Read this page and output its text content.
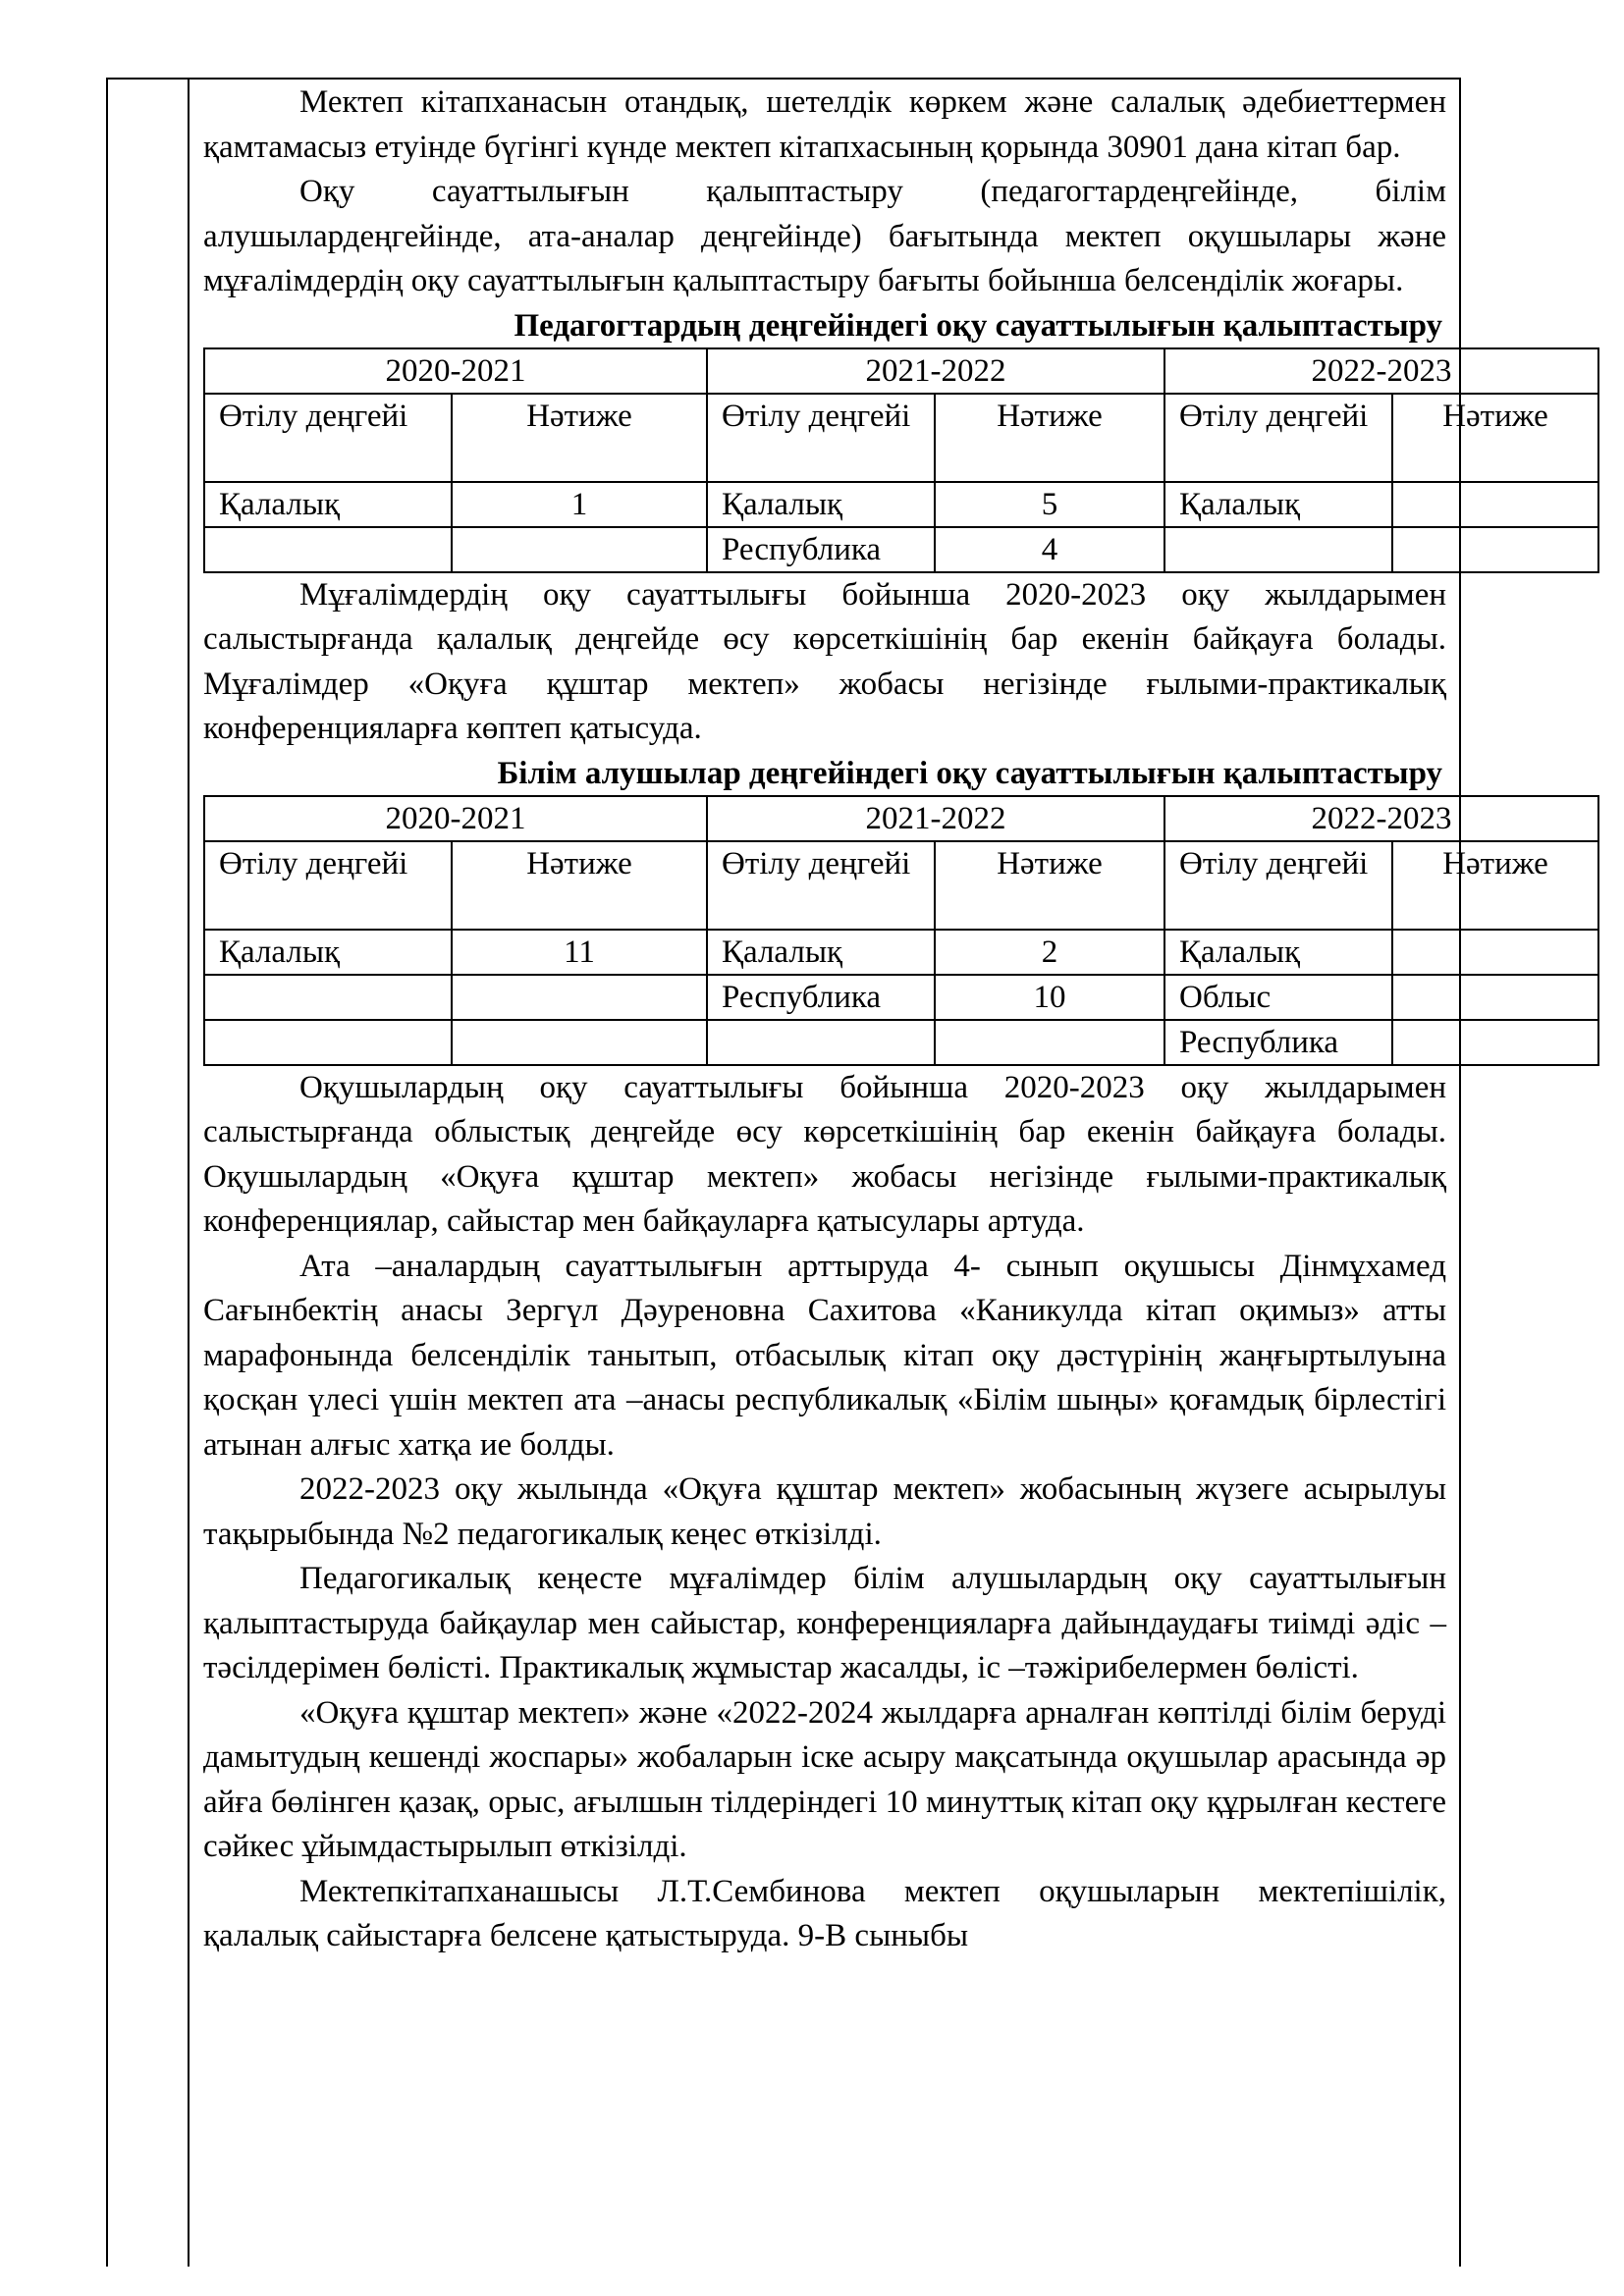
Мектеп кітапханасын отандық, шетелдік көркем және салалық әдебиеттермен қамтамасыз етуінде бүгінгі күнде мектеп кітапхасының қорында 30901 дана кітап бар.

Оқу сауаттылығын қалыптастыру (педагогтардеңгейінде, білім алушылардеңгейінде, ата-аналар деңгейінде) бағытында мектеп оқушылары және мұғалімдердің оқу сауаттылығын қалыптастыру бағыты бойынша белсенділік жоғары.

Педагогтардың деңгейіндегі оқу сауаттылығын қалыптастыру
2020-2021		2021-2022		2022-2023	
Өтілу деңгейі	Нәтиже	Өтілу деңгейі	Нәтиже	Өтілу деңгейі	Нәтиже
Қалалық	1	Қалалық	5	Қалалық	
		Республика	4		

Мұғалімдердің оқу сауаттылығы бойынша 2020-2023 оқу жылдарымен салыстырғанда қалалық деңгейде өсу көрсеткішінің бар екенін байқауға болады. Мұғалімдер «Оқуға құштар мектеп» жобасы негізінде ғылыми-практикалық конференцияларға көптеп қатысуда.

Білім алушылар деңгейіндегі оқу сауаттылығын қалыптастыру
2020-2021		2021-2022		2022-2023	
Өтілу деңгейі	Нәтиже	Өтілу деңгейі	Нәтиже	Өтілу деңгейі	Нәтиже
Қалалық	11	Қалалық	2	Қалалық	
		Республика	10	Облыс	
				Республика	

Оқушылардың оқу сауаттылығы бойынша 2020-2023 оқу жылдарымен салыстырғанда облыстық деңгейде өсу көрсеткішінің бар екенін байқауға болады. Оқушылардың «Оқуға құштар мектеп» жобасы негізінде ғылыми-практикалық конференциялар, сайыстар мен байқауларға қатысулары артуда.

Ата –аналардың сауаттылығын арттыруда 4- сынып оқушысы Дінмұхамед Сағынбектің анасы Зергүл Дәуреновна Сахитова «Каникулда кітап оқимыз» атты марафонында белсенділік танытып, отбасылық кітап оқу дәстүрінің жаңғыртылуына қосқан үлесі үшін мектеп ата –анасы республикалық «Білім шыңы» қоғамдық бірлестігі атынан алғыс хатқа ие болды.

2022-2023 оқу жылында «Оқуға құштар мектеп» жобасының жүзеге асырылуы тақырыбында №2 педагогикалық кеңес өткізілді.

Педагогикалық кеңесте мұғалімдер білім алушылардың оқу сауаттылығын қалыптастыруда байқаулар мен сайыстар, конференцияларға дайындаудағы тиімді әдіс –тәсілдерімен бөлісті. Практикалық жұмыстар жасалды, іс –тәжірибелермен бөлісті.

«Оқуға құштар мектеп» және «2022-2024 жылдарға арналған көптілді білім беруді дамытудың кешенді жоспары» жобаларын іске асыру мақсатында оқушылар арасында әр айға бөлінген қазақ, орыс, ағылшын тілдеріндегі 10 минуттық кітап оқу құрылған кестеге сәйкес ұйымдастырылып өткізілді.

Мектепкітапханашысы Л.Т.Сембинова мектеп оқушыларын мектепішілік, қалалық сайыстарға белсене қатыстыруда. 9-В сыныбы
